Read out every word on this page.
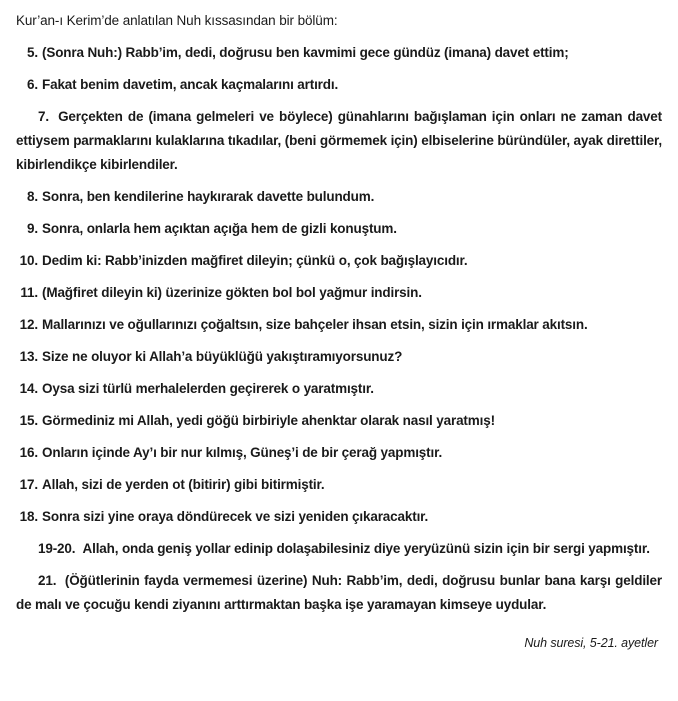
Kur’an-ı Kerim’de anlatılan Nuh kıssasından bir bölüm:

5. (Sonra Nuh:) Rabb’im, dedi, doğrusu ben kavmimi gece gündüz (imana) davet ettim;

6. Fakat benim davetim, ancak kaçmalarını artırdı.

7. Gerçekten de (imana gelmeleri ve böylece) günahlarını bağışlaman için onları ne zaman davet ettiysem parmaklarını kulaklarına tıkadılar, (beni görmemek için) elbiselerine büründüler, ayak direttiler, kibirlendikçe kibirlendiler.

8. Sonra, ben kendilerine haykırarak davette bulundum.

9. Sonra, onlarla hem açıktan açığa hem de gizli konuştum.

10. Dedim ki: Rabb’inizden mağfiret dileyin; çünkü o, çok bağışlayıcıdır.

11. (Mağfiret dileyin ki) üzerinize gökten bol bol yağmur indirsin.

12. Mallarınızı ve oğullarınızı çoğaltsın, size bahçeler ihsan etsin, sizin için ırmaklar akıtsın.

13. Size ne oluyor ki Allah’a büyüklüğü yakıştıramıyorsunuz?

14. Oysa sizi türlü merhalelerden geçirerek o yaratmıştır.

15. Görmediniz mi Allah, yedi göğü birbiriyle ahenktar olarak nasıl yaratmış!

16. Onların içinde Ay’ı bir nur kılmış, Güneş’i de bir çerağ yapmıştır.

17. Allah, sizi de yerden ot (bitirir) gibi bitirmiştir.

18. Sonra sizi yine oraya döndürecek ve sizi yeniden çıkaracaktır.

19-20. Allah, onda geniş yollar edinip dolaşabilesiniz diye yeryüzünü sizin için bir sergi yapmıştır.

21. (Öğütlerinin fayda vermemesi üzerine) Nuh: Rabb’im, dedi, doğrusu bunlar bana karşı geldiler de malı ve çocuğu kendi ziyanını arttırmaktan başka işe yaramayan kimseye uydular.

Nuh suresi, 5-21. ayetler
